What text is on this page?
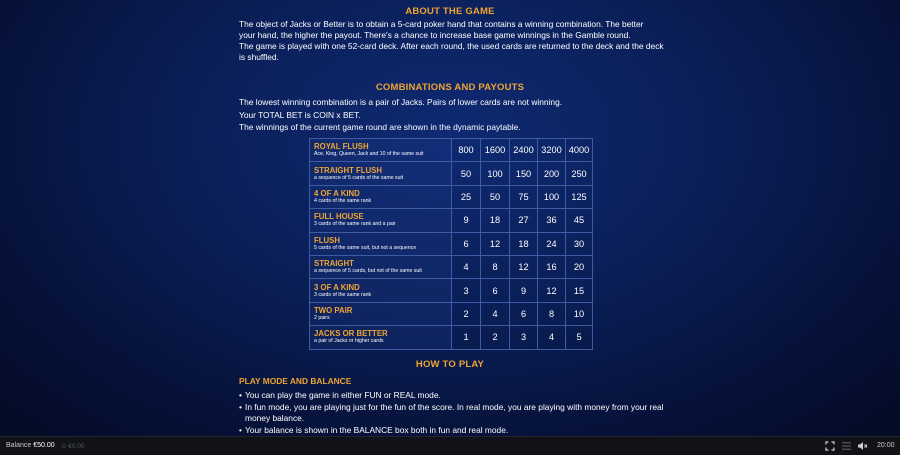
ABOUT THE GAME
The object of Jacks or Better is to obtain a 5-card poker hand that contains a winning combination. The better
your hand, the higher the payout. There's a chance to increase base game winnings in the Gamble round.
The game is played with one 52-card deck. After each round, the used cards are returned to the deck and the deck
is shuffled.
COMBINATIONS AND PAYOUTS
The lowest winning combination is a pair of Jacks. Pairs of lower cards are not winning.
Your TOTAL BET is COIN x BET.
The winnings of the current game round are shown in the dynamic paytable.
ROYAL FLUSH
Ace, King, Queen, Jack and 10 of the same suit	800	1600	2400	3200	4000

STRAIGHT FLUSH
a sequence of 5 cards of the same suit	50	100	150	200	250

4 OF A KIND
4 cards of the same rank	25	50	75	100	125

FULL HOUSE
3 cards of the same rank and a pair	9	18	27	36	45

FLUSH
5 cards of the same suit, but not a sequence	6	12	18	24	30

STRAIGHT
a sequence of 5 cards, but not of the same suit	4	8	12	16	20

3 OF A KIND
3 cards of the same rank	3	6	9	12	15

TWO PAIR
2 pairs	2	4	6	8	10

JACKS OR BETTER
a pair of Jacks or higher cards	1	2	3	4	5
HOW TO PLAY
PLAY MODE AND BALANCE
• You can play the game in either FUN or REAL mode.
• In fun mode, you are playing just for the fun of the score. In real mode, you are playing with money from your real money balance.
• Your balance is shown in the BALANCE box both in fun and real mode.
Balance €50.00 ⊙ €0.00	20:00
